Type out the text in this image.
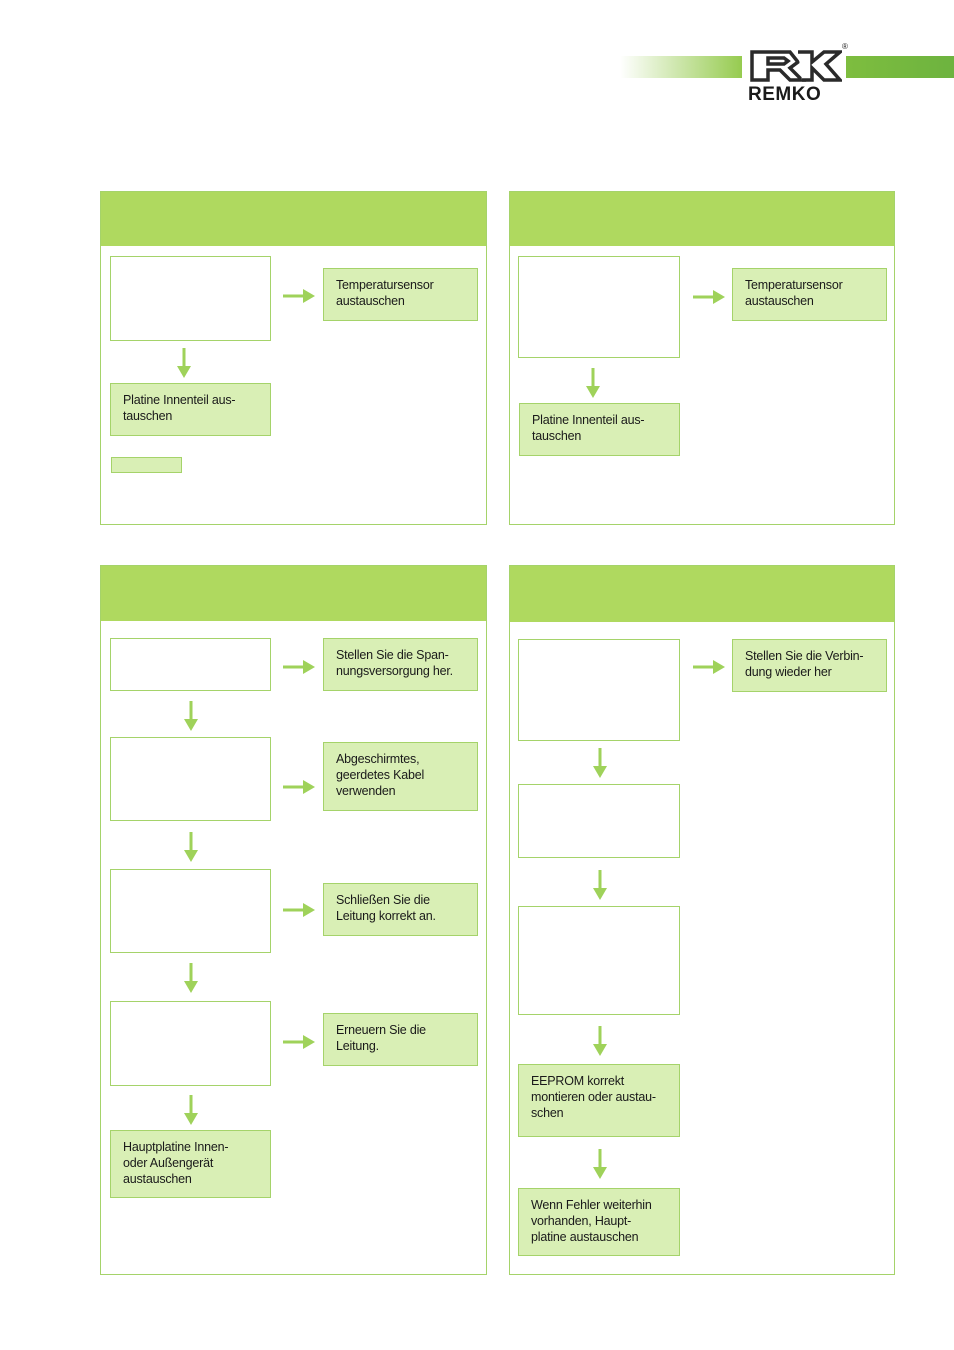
REMKO
®
Temperatursensor austauschen
Platine Innenteil aus-
tauschen
Temperatursensor austauschen
Platine Innenteil aus-
tauschen
Stellen Sie die Span-
nungsversorgung her.
Abgeschirmtes,
geerdetes Kabel
verwenden
Schließen Sie die
Leitung korrekt an.
Erneuern Sie die
Leitung.
Hauptplatine Innen-
oder Außengerät
austauschen
Stellen Sie die Verbin-
dung wieder her
EEPROM korrekt
montieren oder austau-
schen
Wenn Fehler weiterhin
vorhanden, Haupt-
platine austauschen
